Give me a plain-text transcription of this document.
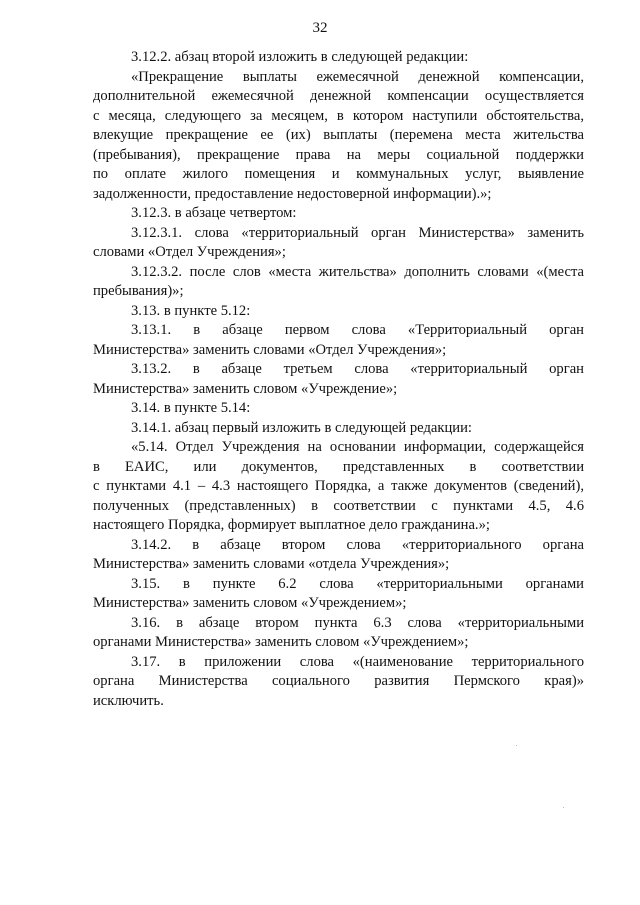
32
3.12.2. абзац второй изложить в следующей редакции:
«Прекращение выплаты ежемесячной денежной компенсации,
дополнительной ежемесячной денежной компенсации осуществляется
с месяца, следующего за месяцем, в котором наступили обстоятельства,
влекущие прекращение ее (их) выплаты (перемена места жительства
(пребывания), прекращение права на меры социальной поддержки
по оплате жилого помещения и коммунальных услуг, выявление
задолженности, предоставление недостоверной информации).»;
3.12.3. в абзаце четвертом:
3.12.3.1. слова «территориальный орган Министерства» заменить
словами «Отдел Учреждения»;
3.12.3.2. после слов «места жительства» дополнить словами «(места
пребывания)»;
3.13. в пункте 5.12:
3.13.1. в абзаце первом слова «Территориальный орган
Министерства» заменить словами «Отдел Учреждения»;
3.13.2. в абзаце третьем слова «территориальный орган
Министерства» заменить словом «Учреждение»;
3.14. в пункте 5.14:
3.14.1. абзац первый изложить в следующей редакции:
«5.14. Отдел Учреждения на основании информации, содержащейся
в ЕАИС, или документов, представленных в соответствии
с пунктами 4.1 – 4.3 настоящего Порядка, а также документов (сведений),
полученных (представленных) в соответствии с пунктами 4.5, 4.6
настоящего Порядка, формирует выплатное дело гражданина.»;
3.14.2. в абзаце втором слова «территориального органа
Министерства» заменить словами «отдела Учреждения»;
3.15. в пункте 6.2 слова «территориальными органами
Министерства» заменить словом «Учреждением»;
3.16. в абзаце втором пункта 6.3 слова «территориальными
органами Министерства» заменить словом «Учреждением»;
3.17. в приложении слова «(наименование территориального
органа Министерства социального развития Пермского края)»
исключить.
